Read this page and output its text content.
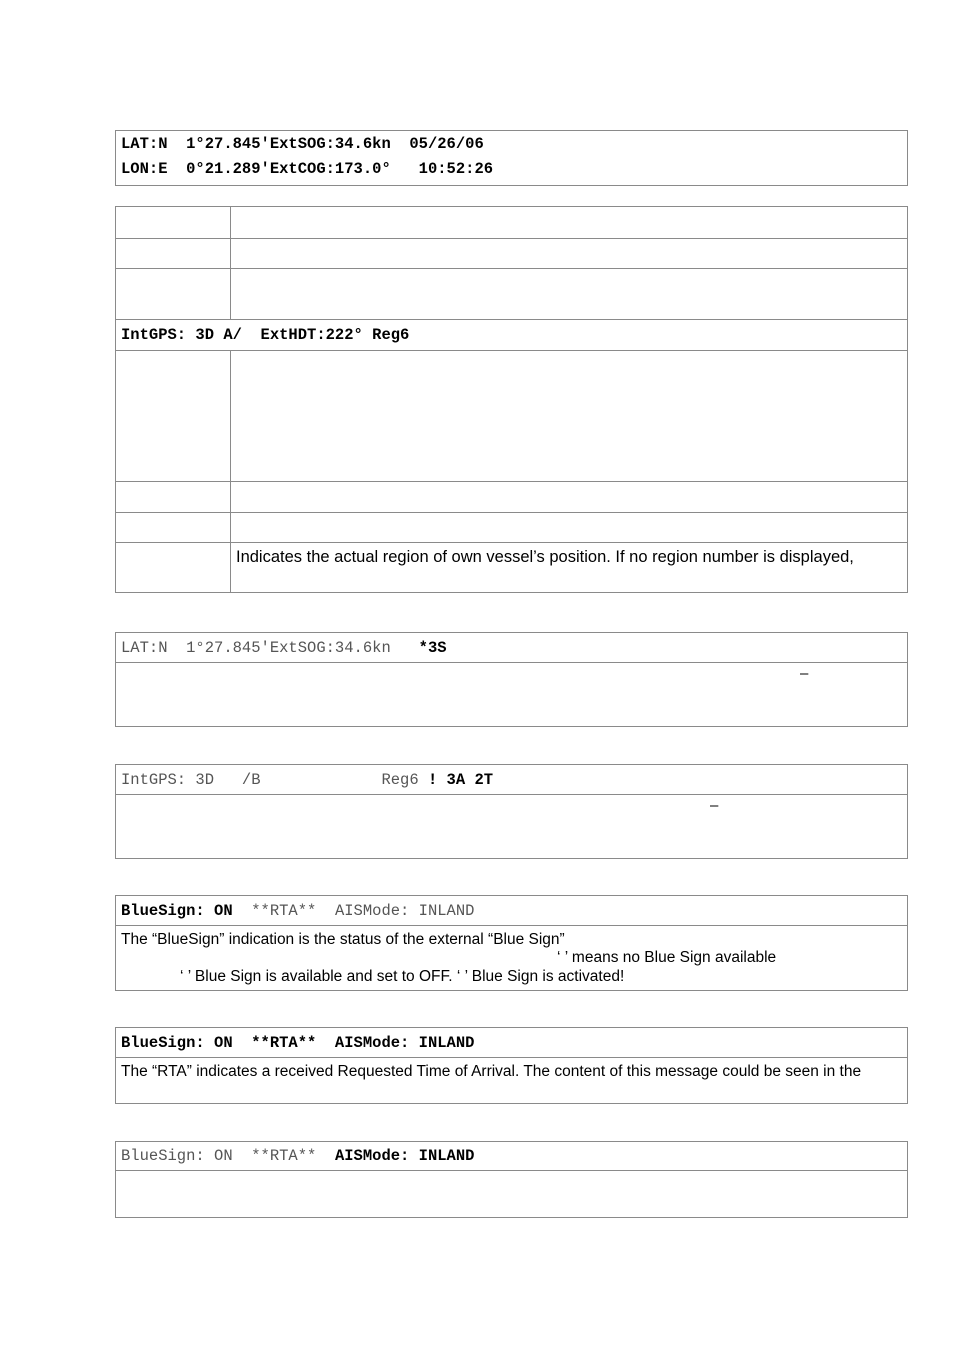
LAT:N  1°27.845'ExtSOG:34.6kn  05/26/06
LON:E  0°21.289'ExtCOG:173.0°   10:52:26
IntGPS: 3D A/  ExtHDT:222° Reg6
Indicates the actual region of own vessel’s position. If no region number is displayed,
LAT:N  1°27.845'ExtSOG:34.6kn *3S
–
IntGPS: 3D   /B             Reg6 ! 3A 2T
–
BlueSign: ON **RTA**  AISMode: INLAND
The “BlueSign” indication is the status of the external “Blue Sign”
‘ ’ means no Blue Sign available
‘ ’ Blue Sign is available and set to OFF. ‘ ’ Blue Sign is activated!
BlueSign: ON  **RTA**  AISMode: INLAND
The “RTA” indicates a received Requested Time of Arrival. The content of this message could be seen in the
BlueSign: ON  **RTA** AISMode: INLAND
